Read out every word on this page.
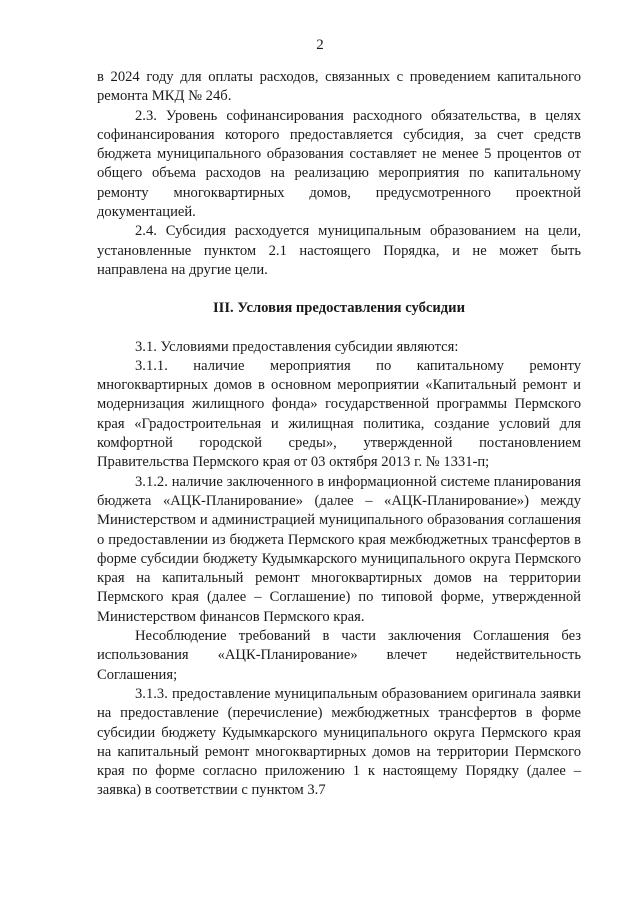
2

в 2024 году для оплаты расходов, связанных с проведением капитального ремонта МКД № 24б.

2.3. Уровень софинансирования расходного обязательства, в целях софинансирования которого предоставляется субсидия, за счет средств бюджета муниципального образования составляет не менее 5 процентов от общего объема расходов на реализацию мероприятия по капитальному ремонту многоквартирных домов, предусмотренного проектной документацией.

2.4. Субсидия расходуется муниципальным образованием на цели, установленные пунктом 2.1 настоящего Порядка, и не может быть направлена на другие цели.

III. Условия предоставления субсидии

3.1. Условиями предоставления субсидии являются:

3.1.1. наличие мероприятия по капитальному ремонту многоквартирных домов в основном мероприятии «Капитальный ремонт и модернизация жилищного фонда» государственной программы Пермского края «Градостроительная и жилищная политика, создание условий для комфортной городской среды», утвержденной постановлением Правительства Пермского края от 03 октября 2013 г. № 1331-п;

3.1.2. наличие заключенного в информационной системе планирования бюджета «АЦК-Планирование» (далее – «АЦК-Планирование») между Министерством и администрацией муниципального образования соглашения о предоставлении из бюджета Пермского края межбюджетных трансфертов в форме субсидии бюджету Кудымкарского муниципального округа Пермского края на капитальный ремонт многоквартирных домов на территории Пермского края (далее – Соглашение) по типовой форме, утвержденной Министерством финансов Пермского края.

Несоблюдение требований в части заключения Соглашения без использования «АЦК-Планирование» влечет недействительность Соглашения;

3.1.3. предоставление муниципальным образованием оригинала заявки на предоставление (перечисление) межбюджетных трансфертов в форме субсидии бюджету Кудымкарского муниципального округа Пермского края на капитальный ремонт многоквартирных домов на территории Пермского края по форме согласно приложению 1 к настоящему Порядку (далее – заявка) в соответствии с пунктом 3.7
